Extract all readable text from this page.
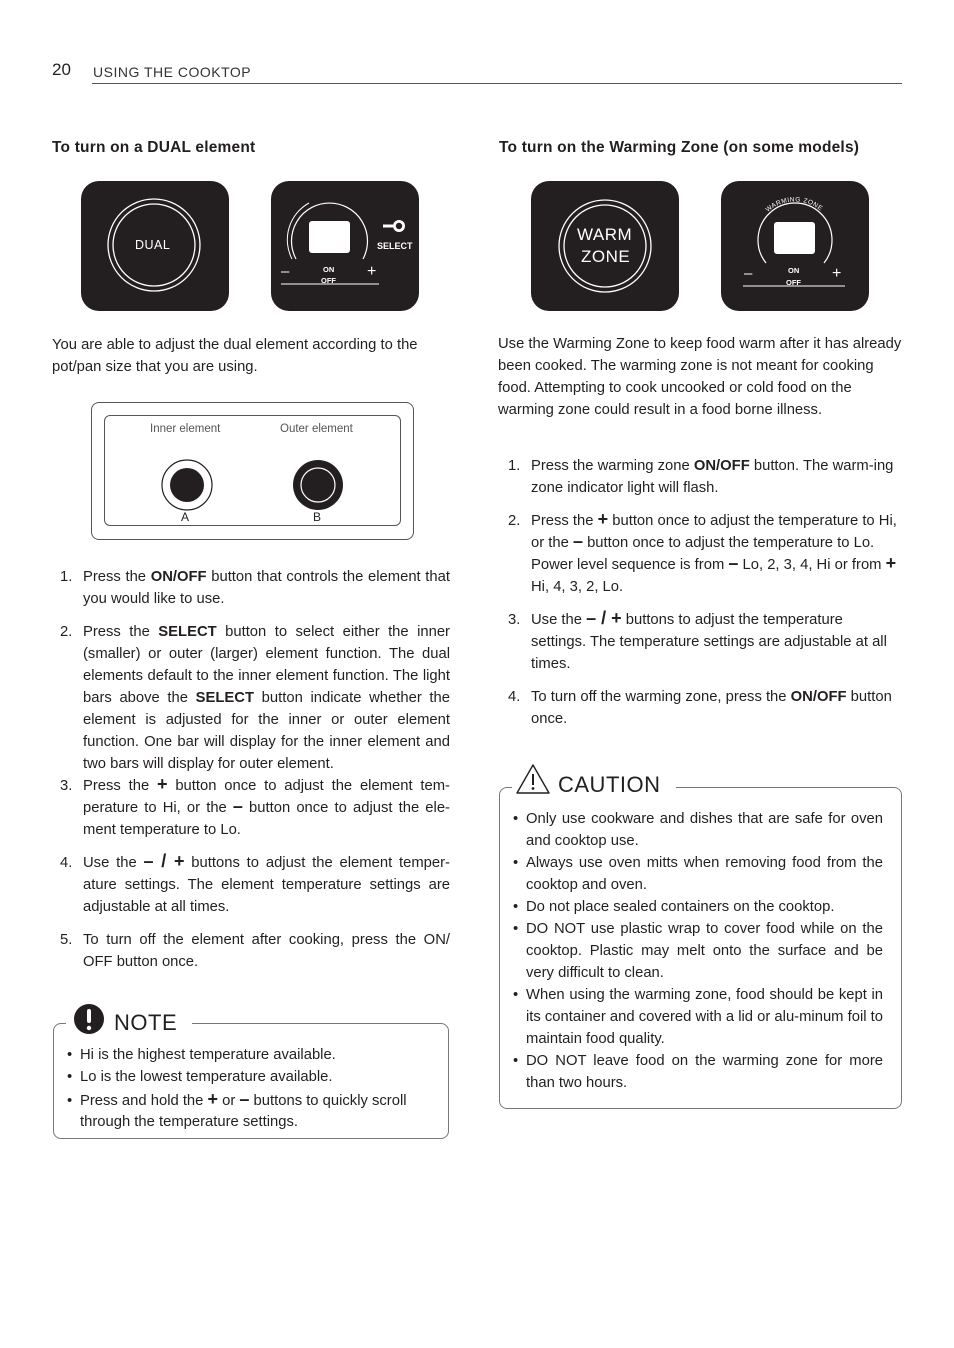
20 USING THE COOKTOP
To turn on a DUAL element
DUAL	SELECT
–	+
ON
OFF
You are able to adjust the dual element according to the pot/pan size that you are using.
Inner element	Outer element
A	B
1. Press the ON/OFF button that controls the element that you would like to use.
2. Press the SELECT button to select either the inner (smaller) or outer (larger) element function. The dual elements default to the inner element function. The light bars above the SELECT button indicate whether the element is adjusted for the inner or outer element function. One bar will display for the inner element and two bars will display for outer element.
3. Press the + button once to adjust the element tem-perature to Hi, or the – button once to adjust the ele-ment temperature to Lo.
4. Use the – / + buttons to adjust the element temper-ature settings. The element temperature settings are adjustable at all times.
5. To turn off the element after cooking, press the ON/ OFF button once.
NOTE
• Hi is the highest temperature available.
• Lo is the lowest temperature available.
• Press and hold the + or – buttons to quickly scroll through the temperature settings.
To turn on the Warming Zone (on some models)
WARM
ZONE
WARMING ZONE
–	+
ON
OFF
Use the Warming Zone to keep food warm after it has already been cooked. The warming zone is not meant for cooking food. Attempting to cook uncooked or cold food on the warming zone could result in a food borne illness.
1. Press the warming zone ON/OFF button. The warm-ing zone indicator light will flash.
2. Press the + button once to adjust the temperature to Hi, or the – button once to adjust the temperature to Lo. Power level sequence is from – Lo, 2, 3, 4, Hi or from + Hi, 4, 3, 2, Lo.
3. Use the – / + buttons to adjust the temperature settings. The temperature settings are adjustable at all times.
4. To turn off the warming zone, press the ON/OFF button once.
CAUTION
• Only use cookware and dishes that are safe for oven and cooktop use.
• Always use oven mitts when removing food from the cooktop and oven.
• Do not place sealed containers on the cooktop.
• DO NOT use plastic wrap to cover food while on the cooktop. Plastic may melt onto the surface and be very difficult to clean.
• When using the warming zone, food should be kept in its container and covered with a lid or alu-minum foil to maintain food quality.
• DO NOT leave food on the warming zone for more than two hours.
